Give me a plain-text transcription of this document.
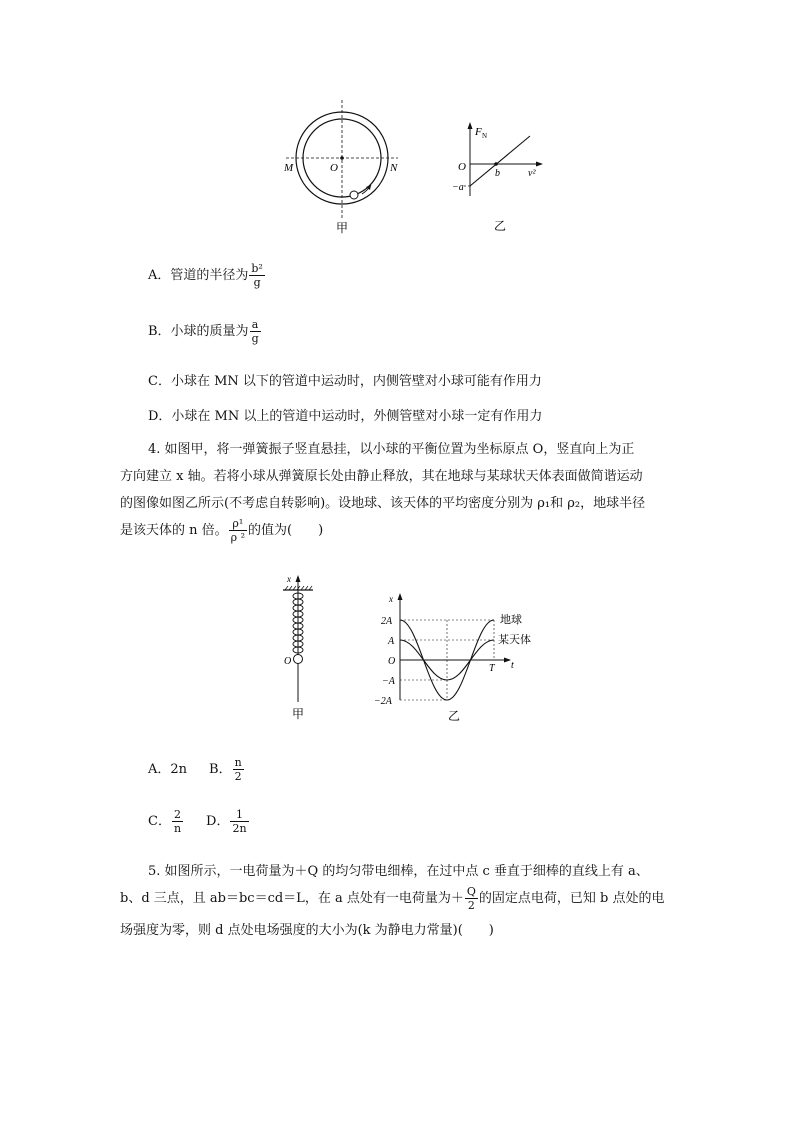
M	N
O
甲
F N
O
−a
b	v²
乙
A．管道的半径为 $\frac{\text{b²}}{g}$
B．小球的质量为 $\frac{a}{g}$
C．小球在 MN 以下的管道中运动时，内侧管壁对小球可能有作用力
D．小球在 MN 以上的管道中运动时，外侧管壁对小球一定有作用力
4. 如图甲，将一弹簧振子竖直悬挂，以小球的平衡位置为坐标原点 O，竖直向上为正
方向建立 x 轴。若将小球从弹簧原长处由静止释放，其在地球与某球状天体表面做简谐运动
的图像如图乙所示(不考虑自转影响)。设地球、该天体的平均密度分别为 ρ₁和 ρ₂，地球半径
是该天体的 n 倍。 $\frac{\text{ρ¹}}{\text{ρ ²}}$ 的值为(　　)
x
O
甲
x
2A
A
O
−A
−2A
T t
地球
某天体
乙
A．2n B． $\frac{n}{2}$
C． $\frac{2}{n}$ D． $\frac{1}{2n}$
5. 如图所示，一电荷量为＋Q 的均匀带电细棒，在过中点 c 垂直于细棒的直线上有 a、
b、d 三点，且 ab＝bc＝cd＝L，在 a 点处有一电荷量为＋ $\frac{Q}{2}$ 的固定点电荷，已知 b 点处的电
场强度为零，则 d 点处电场强度的大小为(k 为静电力常量)(　　)
